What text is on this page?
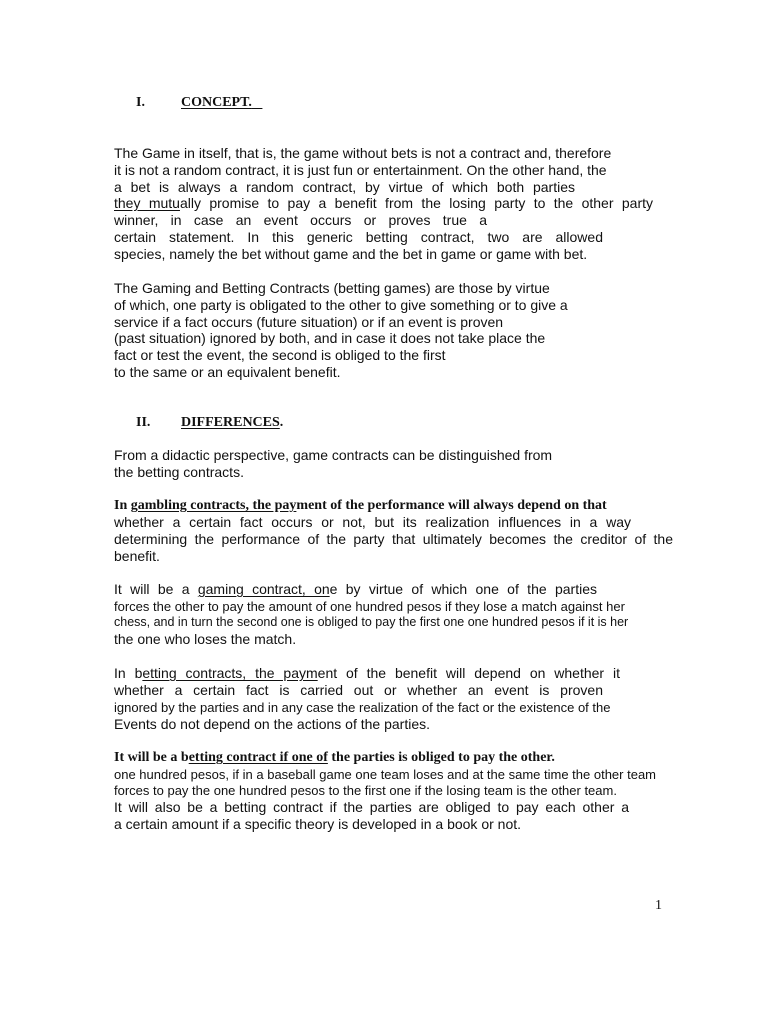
I.	CONCEPT.
The Game in itself, that is, the game without bets is not a contract and, therefore
it is not a random contract, it is just fun or entertainment. On the other hand, the
a bet is always a random contract, by virtue of which both parties
they mutually promise to pay a benefit from the losing party to the other party
winner, in case an event occurs or proves true a
certain statement. In this generic betting contract, two are allowed
species, namely the bet without game and the bet in game or game with bet.
The Gaming and Betting Contracts (betting games) are those by virtue
of which, one party is obligated to the other to give something or to give a
service if a fact occurs (future situation) or if an event is proven
(past situation) ignored by both, and in case it does not take place the
fact or test the event, the second is obliged to the first
to the same or an equivalent benefit.
II. DIFFERENCES.
From a didactic perspective, game contracts can be distinguished from
the betting contracts.
In gambling contracts, the payment of the performance will always depend on that
whether a certain fact occurs or not, but its realization influences in a way
determining the performance of the party that ultimately becomes the creditor of the
benefit.
It will be a gaming contract, one by virtue of which one of the parties
forces the other to pay the amount of one hundred pesos if they lose a match against her
chess, and in turn the second one is obliged to pay the first one one hundred pesos if it is her
the one who loses the match.
In betting contracts, the payment of the benefit will depend on whether it
whether a certain fact is carried out or whether an event is proven
ignored by the parties and in any case the realization of the fact or the existence of the
Events do not depend on the actions of the parties.
It will be a betting contract if one of the parties is obliged to pay the other.
one hundred pesos, if in a baseball game one team loses and at the same time the other team
forces to pay the one hundred pesos to the first one if the losing team is the other team.
It will also be a betting contract if the parties are obliged to pay each other a
a certain amount if a specific theory is developed in a book or not.
1
